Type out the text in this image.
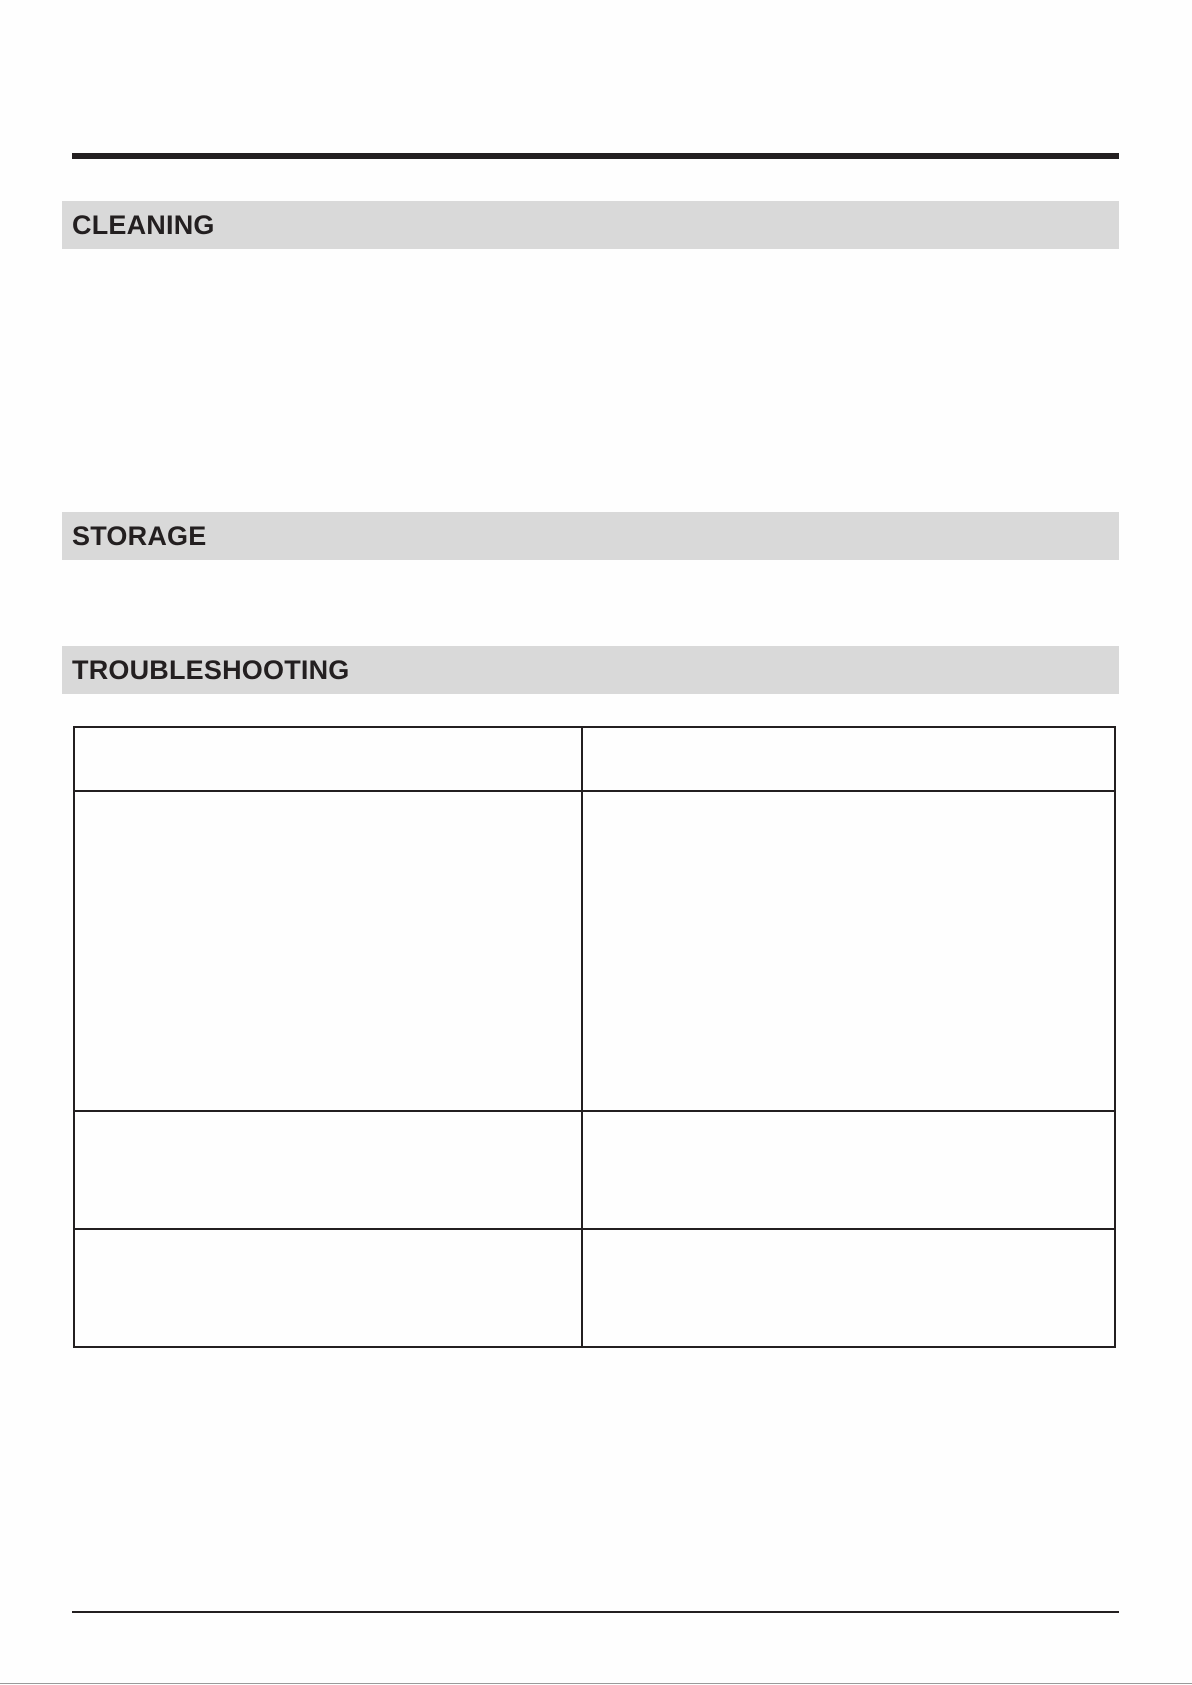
CLEANING
STORAGE
TROUBLESHOOTING
